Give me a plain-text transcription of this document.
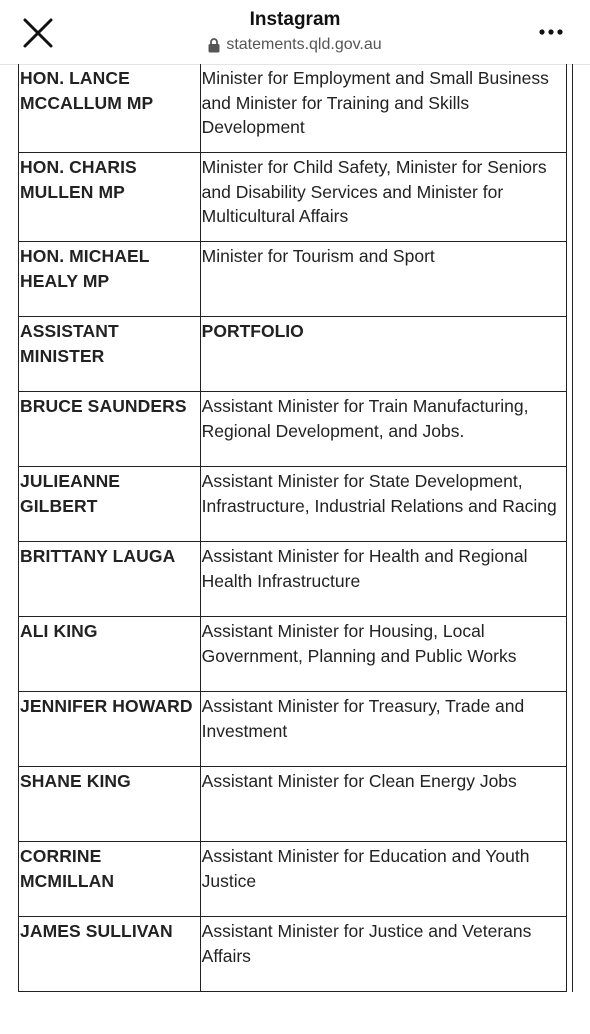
Instagram
statements.qld.gov.au
HON. LANCE MCCALLUM MP	Minister for Employment and Small Business and Minister for Training and Skills Development
HON. CHARIS MULLEN MP	Minister for Child Safety, Minister for Seniors and Disability Services and Minister for Multicultural Affairs
HON. MICHAEL HEALY MP	Minister for Tourism and Sport
ASSISTANT MINISTER	PORTFOLIO
BRUCE SAUNDERS	Assistant Minister for Train Manufacturing, Regional Development, and Jobs.
JULIEANNE GILBERT	Assistant Minister for State Development, Infrastructure, Industrial Relations and Racing
BRITTANY LAUGA	Assistant Minister for Health and Regional Health Infrastructure
ALI KING	Assistant Minister for Housing, Local Government, Planning and Public Works
JENNIFER HOWARD	Assistant Minister for Treasury, Trade and Investment
SHANE KING	Assistant Minister for Clean Energy Jobs
CORRINE MCMILLAN	Assistant Minister for Education and Youth Justice
JAMES SULLIVAN	Assistant Minister for Justice and Veterans Affairs
